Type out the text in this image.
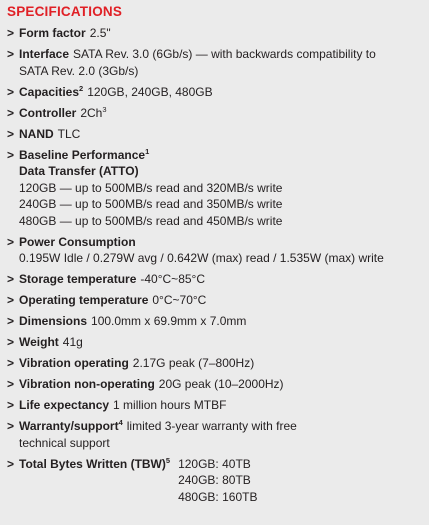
SPECIFICATIONS
> Form factor 2.5"
> Interface SATA Rev. 3.0 (6Gb/s) — with backwards compatibility to
SATA Rev. 2.0 (3Gb/s)
> Capacities$^2$ 120GB, 240GB, 480GB
> Controller $2Ch^3$
> NAND TLC
> Baseline Performance$^1$
Data Transfer (ATTO)
120GB — up to 500MB/s read and 320MB/s write
240GB — up to 500MB/s read and 350MB/s write
480GB — up to 500MB/s read and 450MB/s write
> Power Consumption
0.195W Idle / 0.279W avg / 0.642W (max) read / 1.535W (max) write
> Storage temperature -40°C~85°C
> Operating temperature 0°C~70°C
> Dimensions 100.0mm x 69.9mm x 7.0mm
> Weight 41g
> Vibration operating 2.17G peak (7–800Hz)
> Vibration non-operating 20G peak (10–2000Hz)
> Life expectancy 1 million hours MTBF
> Warranty/support$^4$ limited 3-year warranty with free
technical support
> Total Bytes Written (TBW)$^5$ 120GB: 40TB
240GB: 80TB
480GB: 160TB
